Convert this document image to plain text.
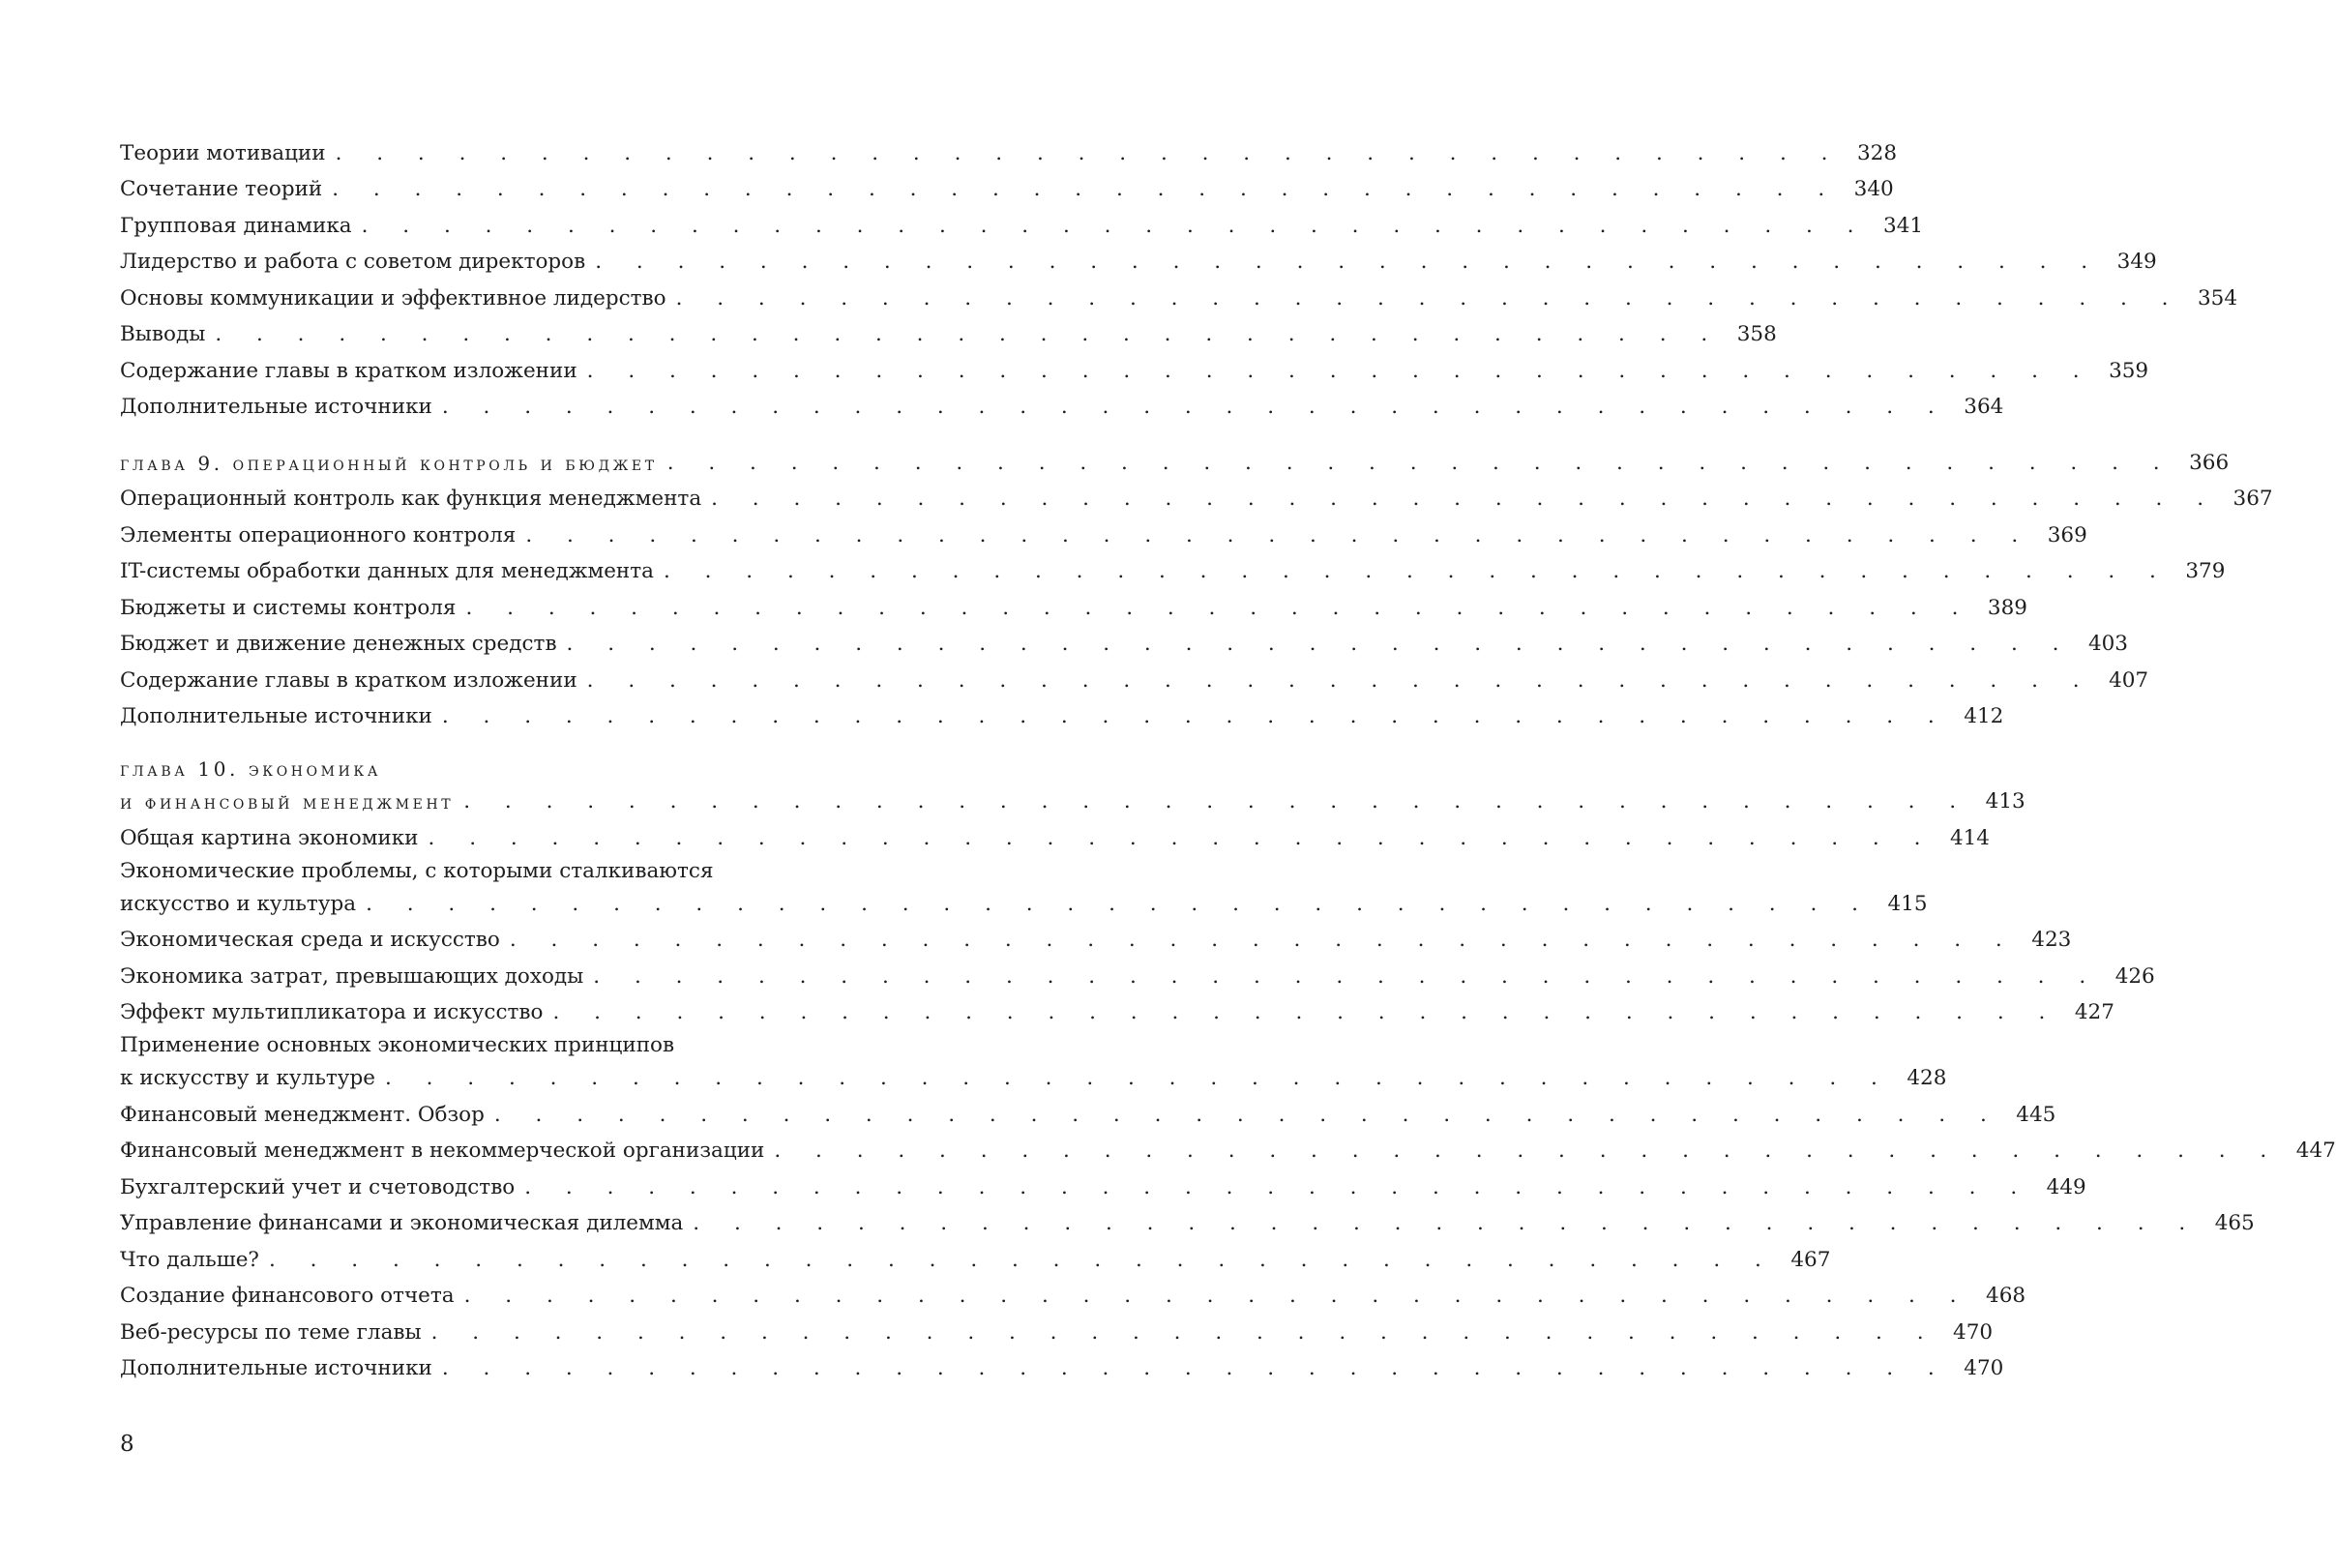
Теории мотивации . . . . . . . . . . . . . . . . . . . . . . . . . . . . . . . . . . . . . 328
Сочетание теорий . . . . . . . . . . . . . . . . . . . . . . . . . . . . . . . . . . . . . 340
Групповая динамика . . . . . . . . . . . . . . . . . . . . . . . . . . . . . . . . . . . . . 341
Лидерство и работа с советом директоров . . . . . . . . . . . . . . . . . . . . . . . . . . . . . . . . . . . . . 349
Основы коммуникации и эффективное лидерство . . . . . . . . . . . . . . . . . . . . . . . . . . . . . . . . . . . . . 354
Выводы . . . . . . . . . . . . . . . . . . . . . . . . . . . . . . . . . . . . . 358
Содержание главы в кратком изложении . . . . . . . . . . . . . . . . . . . . . . . . . . . . . . . . . . . . . 359
Дополнительные источники . . . . . . . . . . . . . . . . . . . . . . . . . . . . . . . . . . . . . 364
глава 9. операционный контроль и бюджет . . . . . . . . . . . . . . . . . . . . . . . . . . . . . . . . . . . . . 366
Операционный контроль как функция менеджмента . . . . . . . . . . . . . . . . . . . . . . . . . . . . . . . . . . . . . 367
Элементы операционного контроля . . . . . . . . . . . . . . . . . . . . . . . . . . . . . . . . . . . . . 369
IT-системы обработки данных для менеджмента . . . . . . . . . . . . . . . . . . . . . . . . . . . . . . . . . . . . . 379
Бюджеты и системы контроля . . . . . . . . . . . . . . . . . . . . . . . . . . . . . . . . . . . . . 389
Бюджет и движение денежных средств . . . . . . . . . . . . . . . . . . . . . . . . . . . . . . . . . . . . . 403
Содержание главы в кратком изложении . . . . . . . . . . . . . . . . . . . . . . . . . . . . . . . . . . . . . 407
Дополнительные источники . . . . . . . . . . . . . . . . . . . . . . . . . . . . . . . . . . . . . 412
глава 10. экономика
и финансовый менеджмент . . . . . . . . . . . . . . . . . . . . . . . . . . . . . . . . . . . . . 413
Общая картина экономики . . . . . . . . . . . . . . . . . . . . . . . . . . . . . . . . . . . . . 414
Экономические проблемы, с которыми сталкиваются
искусство и культура . . . . . . . . . . . . . . . . . . . . . . . . . . . . . . . . . . . . . 415
Экономическая среда и искусство . . . . . . . . . . . . . . . . . . . . . . . . . . . . . . . . . . . . . 423
Экономика затрат, превышающих доходы . . . . . . . . . . . . . . . . . . . . . . . . . . . . . . . . . . . . . 426
Эффект мультипликатора и искусство . . . . . . . . . . . . . . . . . . . . . . . . . . . . . . . . . . . . . 427
Применение основных экономических принципов
к искусству и культуре . . . . . . . . . . . . . . . . . . . . . . . . . . . . . . . . . . . . . 428
Финансовый менеджмент. Обзор . . . . . . . . . . . . . . . . . . . . . . . . . . . . . . . . . . . . . 445
Финансовый менеджмент в некоммерческой организации . . . . . . . . . . . . . . . . . . . . . . . . . . . . . . . . . . . . . 447
Бухгалтерский учет и счетоводство . . . . . . . . . . . . . . . . . . . . . . . . . . . . . . . . . . . . . 449
Управление финансами и экономическая дилемма . . . . . . . . . . . . . . . . . . . . . . . . . . . . . . . . . . . . . 465
Что дальше? . . . . . . . . . . . . . . . . . . . . . . . . . . . . . . . . . . . . . 467
Создание финансового отчета . . . . . . . . . . . . . . . . . . . . . . . . . . . . . . . . . . . . . 468
Веб-ресурсы по теме главы . . . . . . . . . . . . . . . . . . . . . . . . . . . . . . . . . . . . . 470
Дополнительные источники . . . . . . . . . . . . . . . . . . . . . . . . . . . . . . . . . . . . . 470
8
